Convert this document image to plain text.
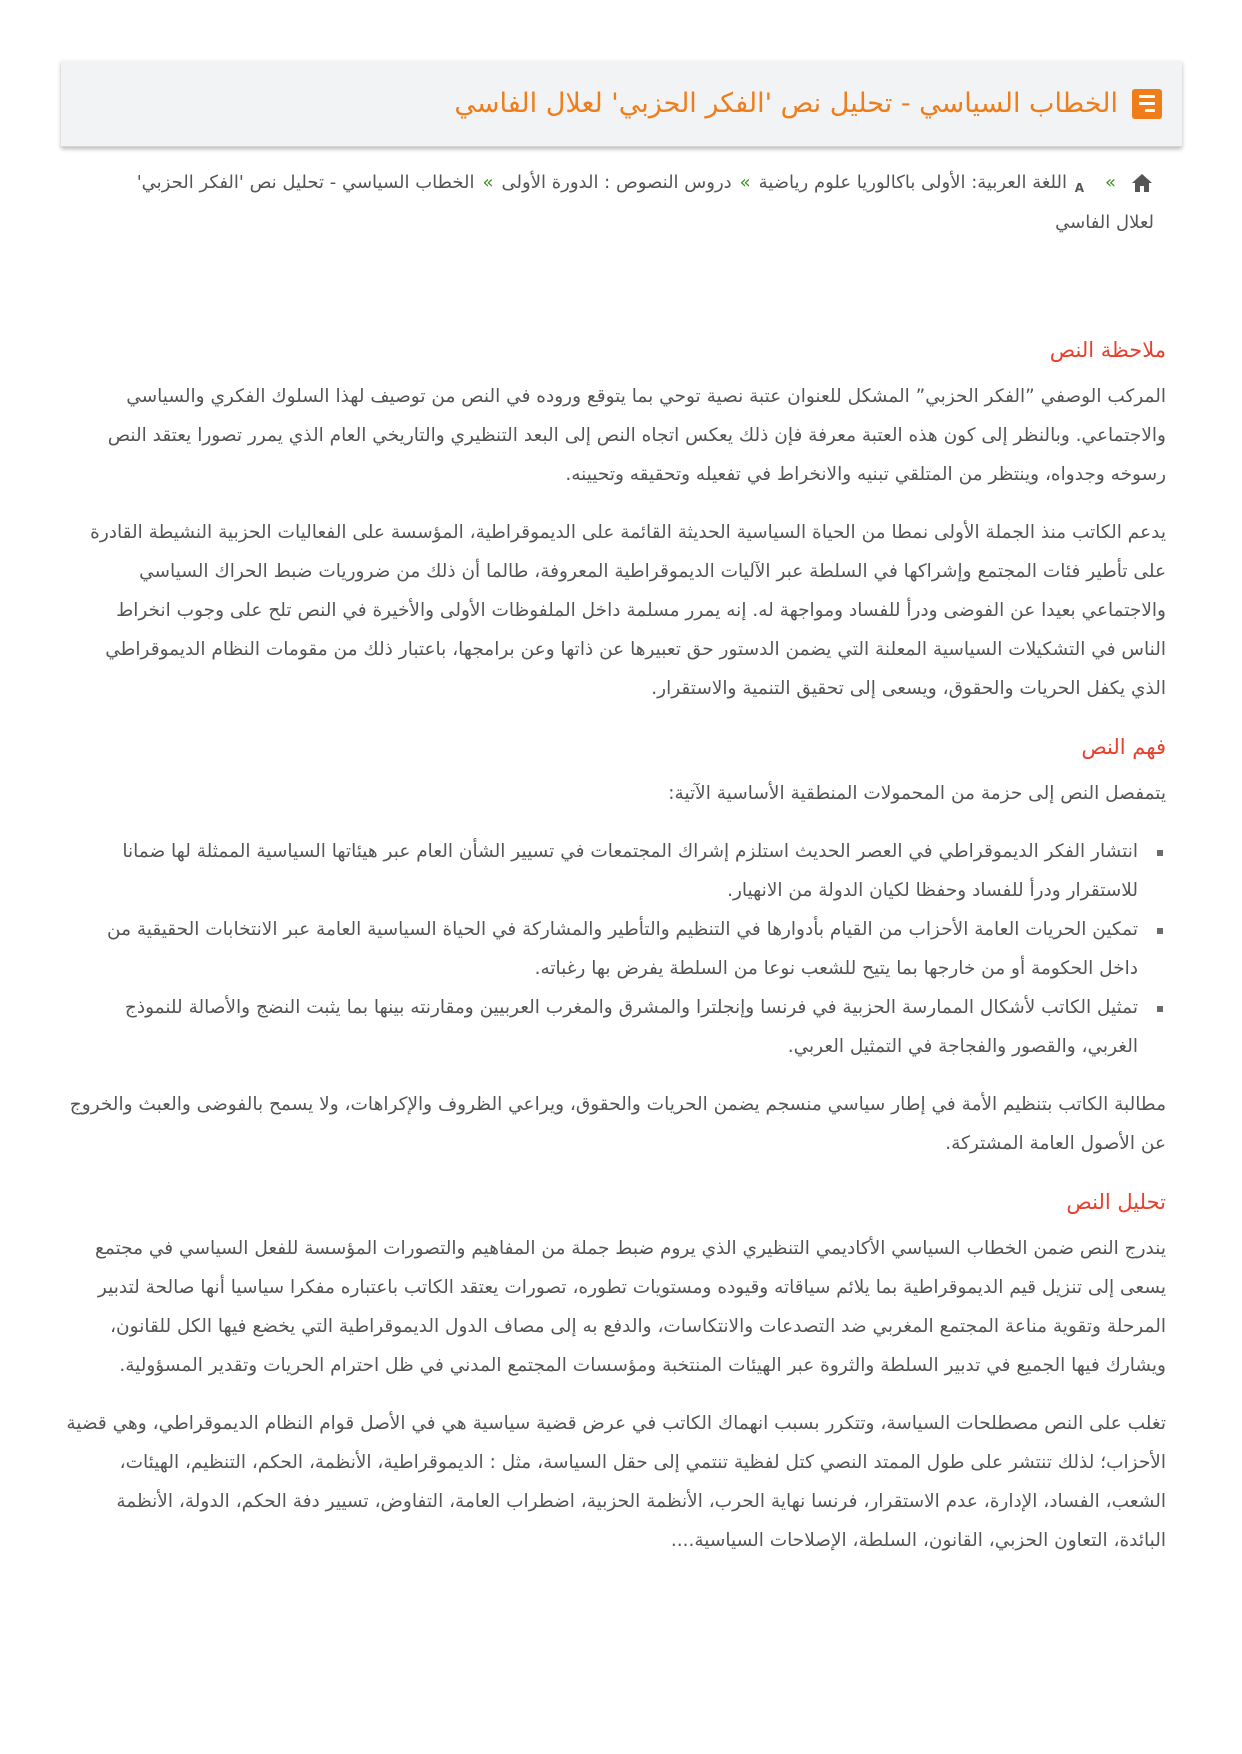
الخطاب السياسي - تحليل نص 'الفكر الحزبي' لعلال الفاسي
»
A
اللغة العربية: الأولى باكالوريا علوم رياضية»دروس النصوص : الدورة الأولى»الخطاب السياسي - تحليل نص 'الفكر الحزبي' لعلال الفاسي
ملاحظة النص

المركب الوصفي ”الفكر الحزبي” المشكل للعنوان عتبة نصية توحي بما يتوقع وروده في النص من توصيف لهذا السلوك الفكري والسياسي والاجتماعي. وبالنظر إلى كون هذه العتبة معرفة فإن ذلك يعكس اتجاه النص إلى البعد التنظيري والتاريخي العام الذي يمرر تصورا يعتقد النص رسوخه وجدواه، وينتظر من المتلقي تبنيه والانخراط في تفعيله وتحقيقه وتحيينه.

يدعم الكاتب منذ الجملة الأولى نمطا من الحياة السياسية الحديثة القائمة على الديموقراطية، المؤسسة على الفعاليات الحزبية النشيطة القادرة على تأطير فئات المجتمع وإشراكها في السلطة عبر الآليات الديموقراطية المعروفة، طالما أن ذلك من ضروريات ضبط الحراك السياسي والاجتماعي بعيدا عن الفوضى ودرأ للفساد ومواجهة له. إنه يمرر مسلمة داخل الملفوظات الأولى والأخيرة في النص تلح على وجوب انخراط الناس في التشكيلات السياسية المعلنة التي يضمن الدستور حق تعبيرها عن ذاتها وعن برامجها، باعتبار ذلك من مقومات النظام الديموقراطي الذي يكفل الحريات والحقوق، ويسعى إلى تحقيق التنمية والاستقرار.

فهم النص

يتمفصل النص إلى حزمة من المحمولات المنطقية الأساسية الآتية:

انتشار الفكر الديموقراطي في العصر الحديث استلزم إشراك المجتمعات في تسيير الشأن العام عبر هيئاتها السياسية الممثلة لها ضمانا للاستقرار ودرأ للفساد وحفظا لكيان الدولة من الانهيار.
تمكين الحريات العامة الأحزاب من القيام بأدوارها في التنظيم والتأطير والمشاركة في الحياة السياسية العامة عبر الانتخابات الحقيقية من داخل الحكومة أو من خارجها بما يتيح للشعب نوعا من السلطة يفرض بها رغباته.
تمثيل الكاتب لأشكال الممارسة الحزبية في فرنسا وإنجلترا والمشرق والمغرب العربيين ومقارنته بينها بما يثبت النضج والأصالة للنموذج الغربي، والقصور والفجاجة في التمثيل العربي.

مطالبة الكاتب بتنظيم الأمة في إطار سياسي منسجم يضمن الحريات والحقوق، ويراعي الظروف والإكراهات، ولا يسمح بالفوضى والعبث والخروج عن الأصول العامة المشتركة.

تحليل النص

يندرج النص ضمن الخطاب السياسي الأكاديمي التنظيري الذي يروم ضبط جملة من المفاهيم والتصورات المؤسسة للفعل السياسي في مجتمع يسعى إلى تنزيل قيم الديموقراطية بما يلائم سياقاته وقيوده ومستويات تطوره، تصورات يعتقد الكاتب باعتباره مفكرا سياسيا أنها صالحة لتدبير المرحلة وتقوية مناعة المجتمع المغربي ضد التصدعات والانتكاسات، والدفع به إلى مصاف الدول الديموقراطية التي يخضع فيها الكل للقانون، ويشارك فيها الجميع في تدبير السلطة والثروة عبر الهيئات المنتخبة ومؤسسات المجتمع المدني في ظل احترام الحريات وتقدير المسؤولية.

تغلب على النص مصطلحات السياسة، وتتكرر بسبب انهماك الكاتب في عرض قضية سياسية هي في الأصل قوام النظام الديموقراطي، وهي قضية الأحزاب؛ لذلك تنتشر على طول الممتد النصي كتل لفظية تنتمي إلى حقل السياسة، مثل : الديموقراطية، الأنظمة، الحكم، التنظيم، الهيئات، الشعب، الفساد، الإدارة، عدم الاستقرار، فرنسا نهاية الحرب، الأنظمة الحزبية، اضطراب العامة، التفاوض، تسيير دفة الحكم، الدولة، الأنظمة البائدة، التعاون الحزبي، القانون، السلطة، الإصلاحات السياسية....
